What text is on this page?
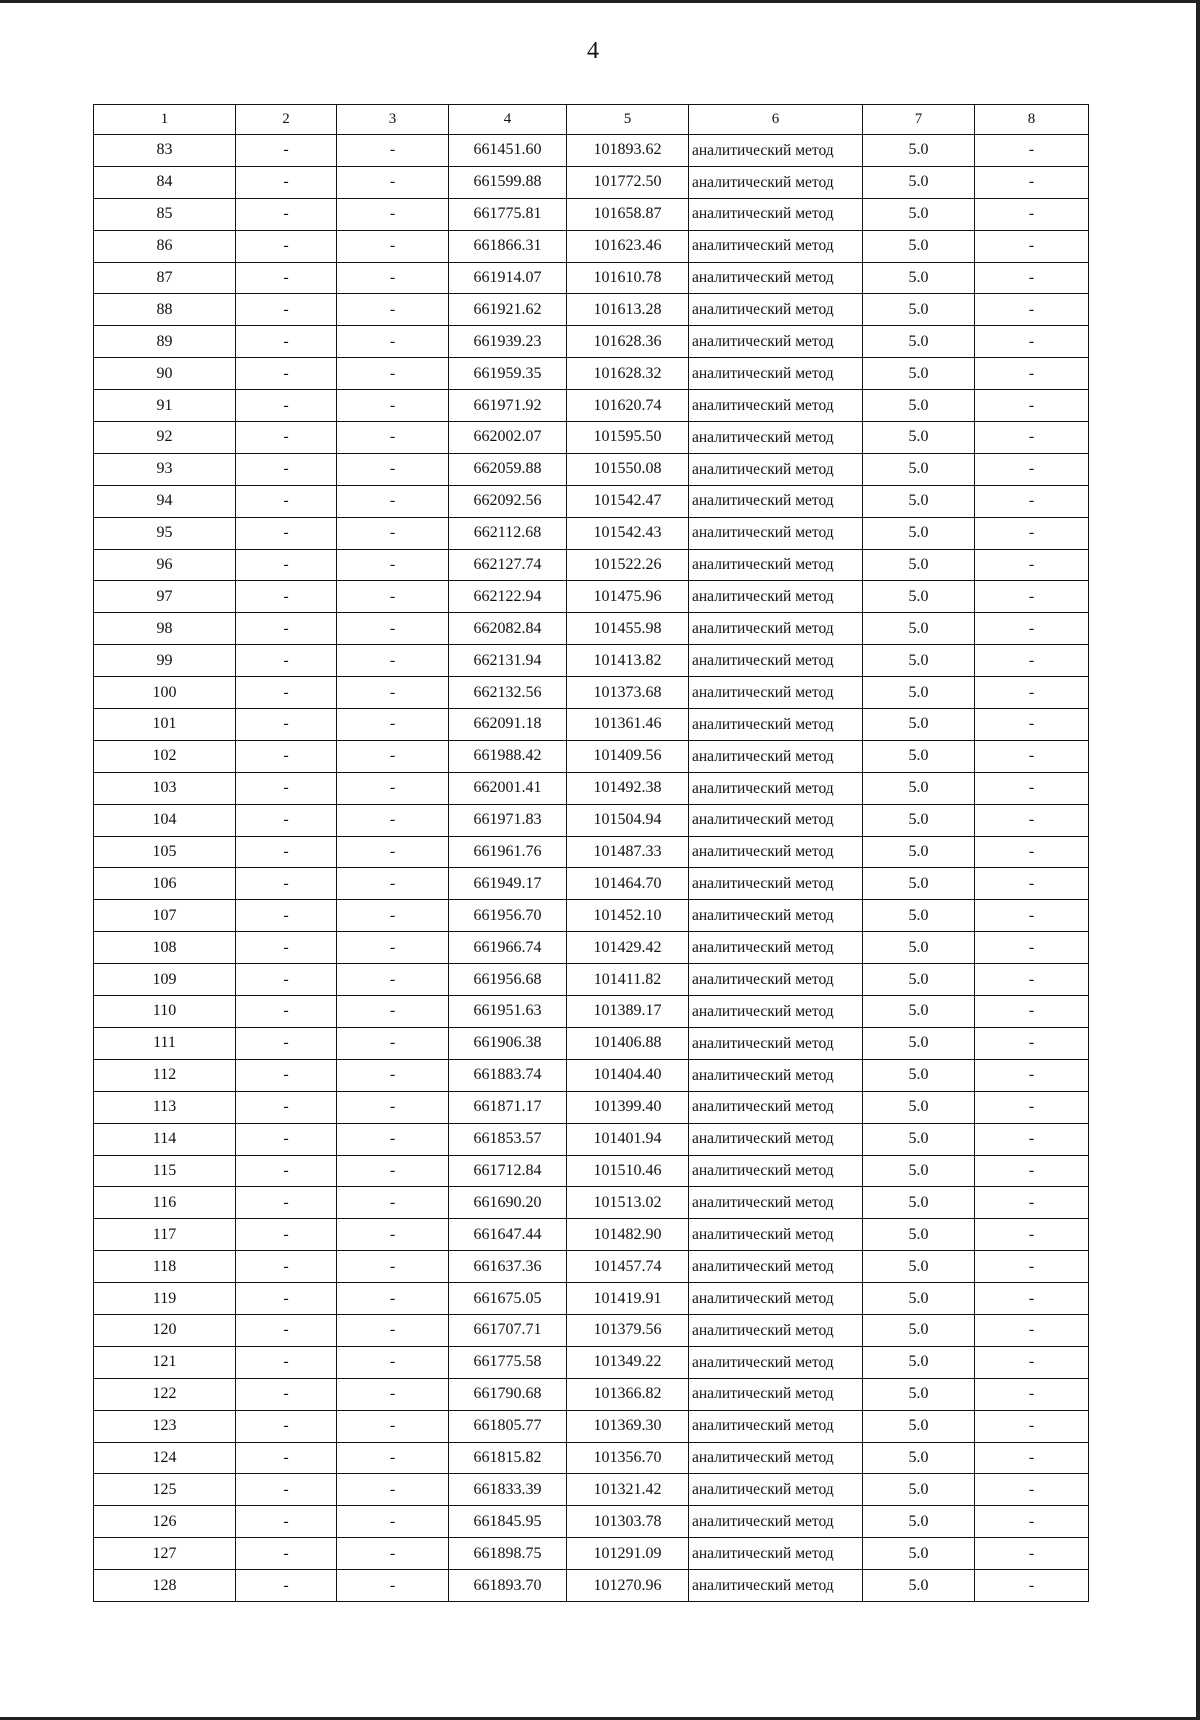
4
1	2	3	4	5	6	7	8
83	-	-	661451.60	101893.62	аналитический метод	5.0	-
84	-	-	661599.88	101772.50	аналитический метод	5.0	-
85	-	-	661775.81	101658.87	аналитический метод	5.0	-
86	-	-	661866.31	101623.46	аналитический метод	5.0	-
87	-	-	661914.07	101610.78	аналитический метод	5.0	-
88	-	-	661921.62	101613.28	аналитический метод	5.0	-
89	-	-	661939.23	101628.36	аналитический метод	5.0	-
90	-	-	661959.35	101628.32	аналитический метод	5.0	-
91	-	-	661971.92	101620.74	аналитический метод	5.0	-
92	-	-	662002.07	101595.50	аналитический метод	5.0	-
93	-	-	662059.88	101550.08	аналитический метод	5.0	-
94	-	-	662092.56	101542.47	аналитический метод	5.0	-
95	-	-	662112.68	101542.43	аналитический метод	5.0	-
96	-	-	662127.74	101522.26	аналитический метод	5.0	-
97	-	-	662122.94	101475.96	аналитический метод	5.0	-
98	-	-	662082.84	101455.98	аналитический метод	5.0	-
99	-	-	662131.94	101413.82	аналитический метод	5.0	-
100	-	-	662132.56	101373.68	аналитический метод	5.0	-
101	-	-	662091.18	101361.46	аналитический метод	5.0	-
102	-	-	661988.42	101409.56	аналитический метод	5.0	-
103	-	-	662001.41	101492.38	аналитический метод	5.0	-
104	-	-	661971.83	101504.94	аналитический метод	5.0	-
105	-	-	661961.76	101487.33	аналитический метод	5.0	-
106	-	-	661949.17	101464.70	аналитический метод	5.0	-
107	-	-	661956.70	101452.10	аналитический метод	5.0	-
108	-	-	661966.74	101429.42	аналитический метод	5.0	-
109	-	-	661956.68	101411.82	аналитический метод	5.0	-
110	-	-	661951.63	101389.17	аналитический метод	5.0	-
111	-	-	661906.38	101406.88	аналитический метод	5.0	-
112	-	-	661883.74	101404.40	аналитический метод	5.0	-
113	-	-	661871.17	101399.40	аналитический метод	5.0	-
114	-	-	661853.57	101401.94	аналитический метод	5.0	-
115	-	-	661712.84	101510.46	аналитический метод	5.0	-
116	-	-	661690.20	101513.02	аналитический метод	5.0	-
117	-	-	661647.44	101482.90	аналитический метод	5.0	-
118	-	-	661637.36	101457.74	аналитический метод	5.0	-
119	-	-	661675.05	101419.91	аналитический метод	5.0	-
120	-	-	661707.71	101379.56	аналитический метод	5.0	-
121	-	-	661775.58	101349.22	аналитический метод	5.0	-
122	-	-	661790.68	101366.82	аналитический метод	5.0	-
123	-	-	661805.77	101369.30	аналитический метод	5.0	-
124	-	-	661815.82	101356.70	аналитический метод	5.0	-
125	-	-	661833.39	101321.42	аналитический метод	5.0	-
126	-	-	661845.95	101303.78	аналитический метод	5.0	-
127	-	-	661898.75	101291.09	аналитический метод	5.0	-
128	-	-	661893.70	101270.96	аналитический метод	5.0	-
